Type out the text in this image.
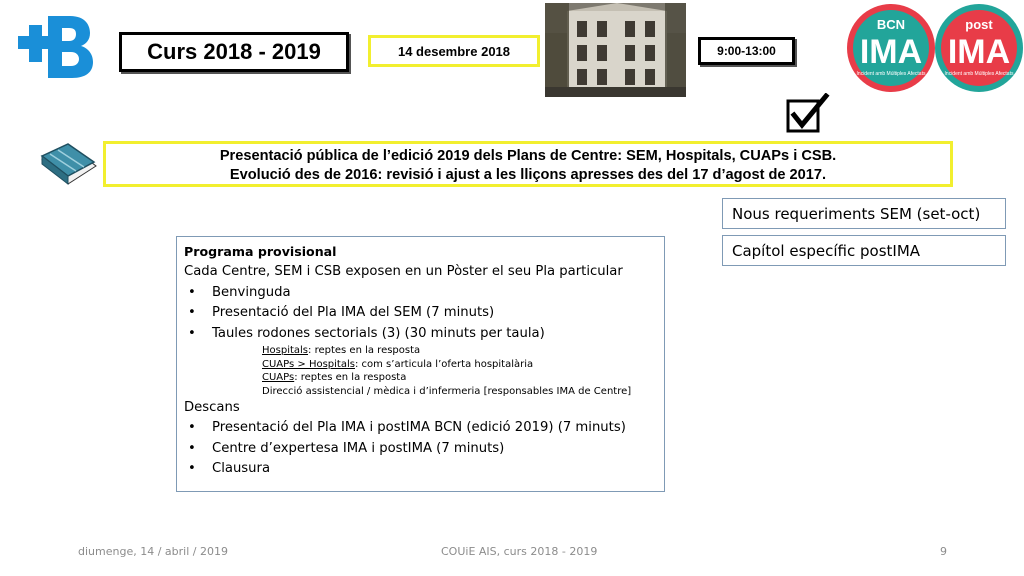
Curs 2018 - 2019	14 desembre 2018	9:00-13:00
BCN
IMA
Incident amb Múltiples Afectats
post
IMA
Incident amb Múltiples Afectats
Presentació pública de l’edició 2019 dels Plans de Centre: SEM, Hospitals, CUAPs i CSB.
Evolució des de 2016: revisió i ajust a les lliçons apresses des del 17 d’agost de 2017.
Nous requeriments SEM (set-oct)
Capítol específic postIMA
Programa provisional
Cada Centre, SEM i CSB exposen en un Pòster el seu Pla particular
• Benvinguda
• Presentació del Pla IMA del SEM (7 minuts)
• Taules rodones sectorials (3) (30 minuts per taula)
Hospitals: reptes en la resposta
CUAPs > Hospitals: com s’articula l’oferta hospitalària
CUAPs: reptes en la resposta
Direcció assistencial / mèdica i d’infermeria [responsables IMA de Centre]
Descans
• Presentació del Pla IMA i postIMA BCN (edició 2019) (7 minuts)
• Centre d’expertesa IMA i postIMA (7 minuts)
• Clausura
diumenge, 14 / abril / 2019	COUiE AIS, curs 2018 - 2019	9
